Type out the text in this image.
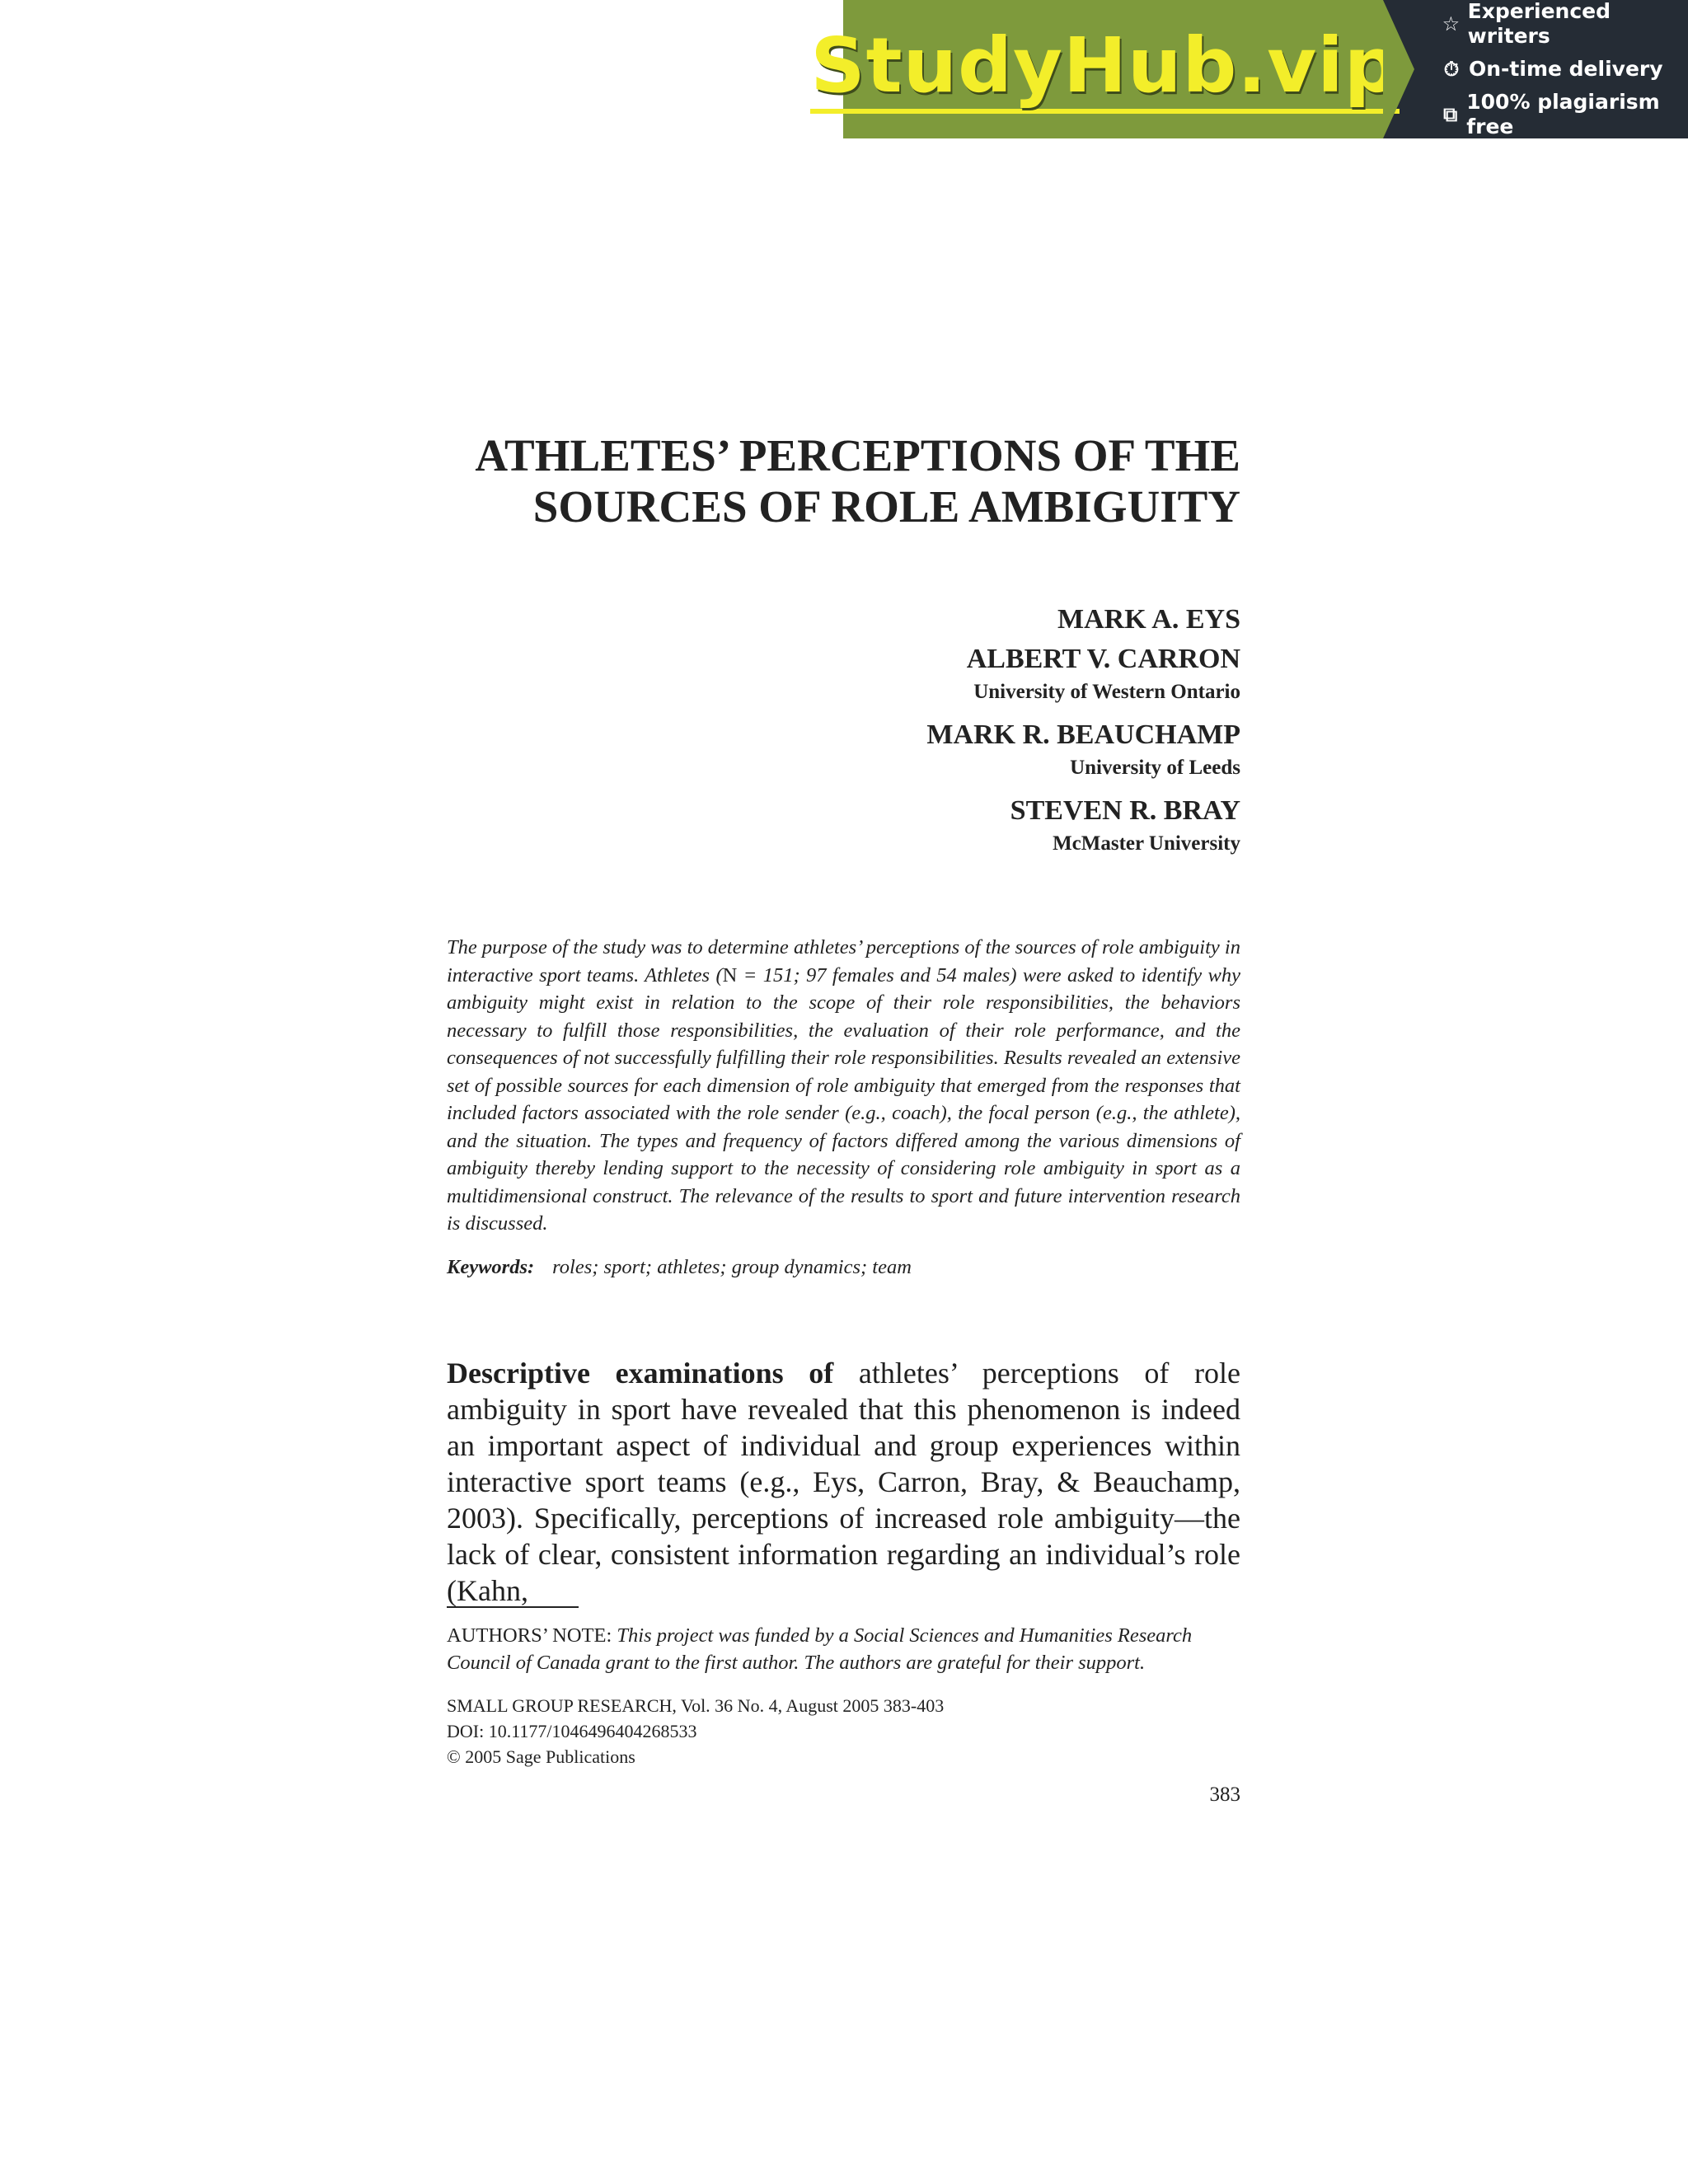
StudyHub.vip ☆
Experienced writers
⏱ On-time delivery
⧉
100% plagiarism free
ATHLETES’ PERCEPTIONS OF THE
SOURCES OF ROLE AMBIGUITY
MARK A. EYS
ALBERT V. CARRON
University of Western Ontario
MARK R. BEAUCHAMP
University of Leeds
STEVEN R. BRAY
McMaster University
The purpose of the study was to determine athletes’ perceptions of the sources of role ambiguity in interactive sport teams. Athletes (N = 151; 97 females and 54 males) were asked to identify why ambiguity might exist in relation to the scope of their role responsibilities, the behaviors necessary to fulfill those responsibilities, the evaluation of their role performance, and the consequences of not successfully fulfilling their role responsibilities. Results revealed an extensive set of possible sources for each dimension of role ambiguity that emerged from the responses that included factors associated with the role sender (e.g., coach), the focal person (e.g., the athlete), and the situation. The types and frequency of factors differed among the various dimensions of ambiguity thereby lending support to the necessity of considering role ambiguity in sport as a multidimensional construct. The relevance of the results to sport and future intervention research is discussed.
Keywords: roles; sport; athletes; group dynamics; team
Descriptive examinations of athletes’ perceptions of role ambiguity in sport have revealed that this phenomenon is indeed an important aspect of individual and group experiences within interactive sport teams (e.g., Eys, Carron, Bray, & Beauchamp, 2003). Specifically, perceptions of increased role ambiguity—the lack of clear, consistent information regarding an individual’s role (Kahn,
AUTHORS’ NOTE: This project was funded by a Social Sciences and Humanities Research Council of Canada grant to the first author. The authors are grateful for their support.
SMALL GROUP RESEARCH, Vol. 36 No. 4, August 2005 383-403
DOI: 10.1177/1046496404268533
© 2005 Sage Publications
383
